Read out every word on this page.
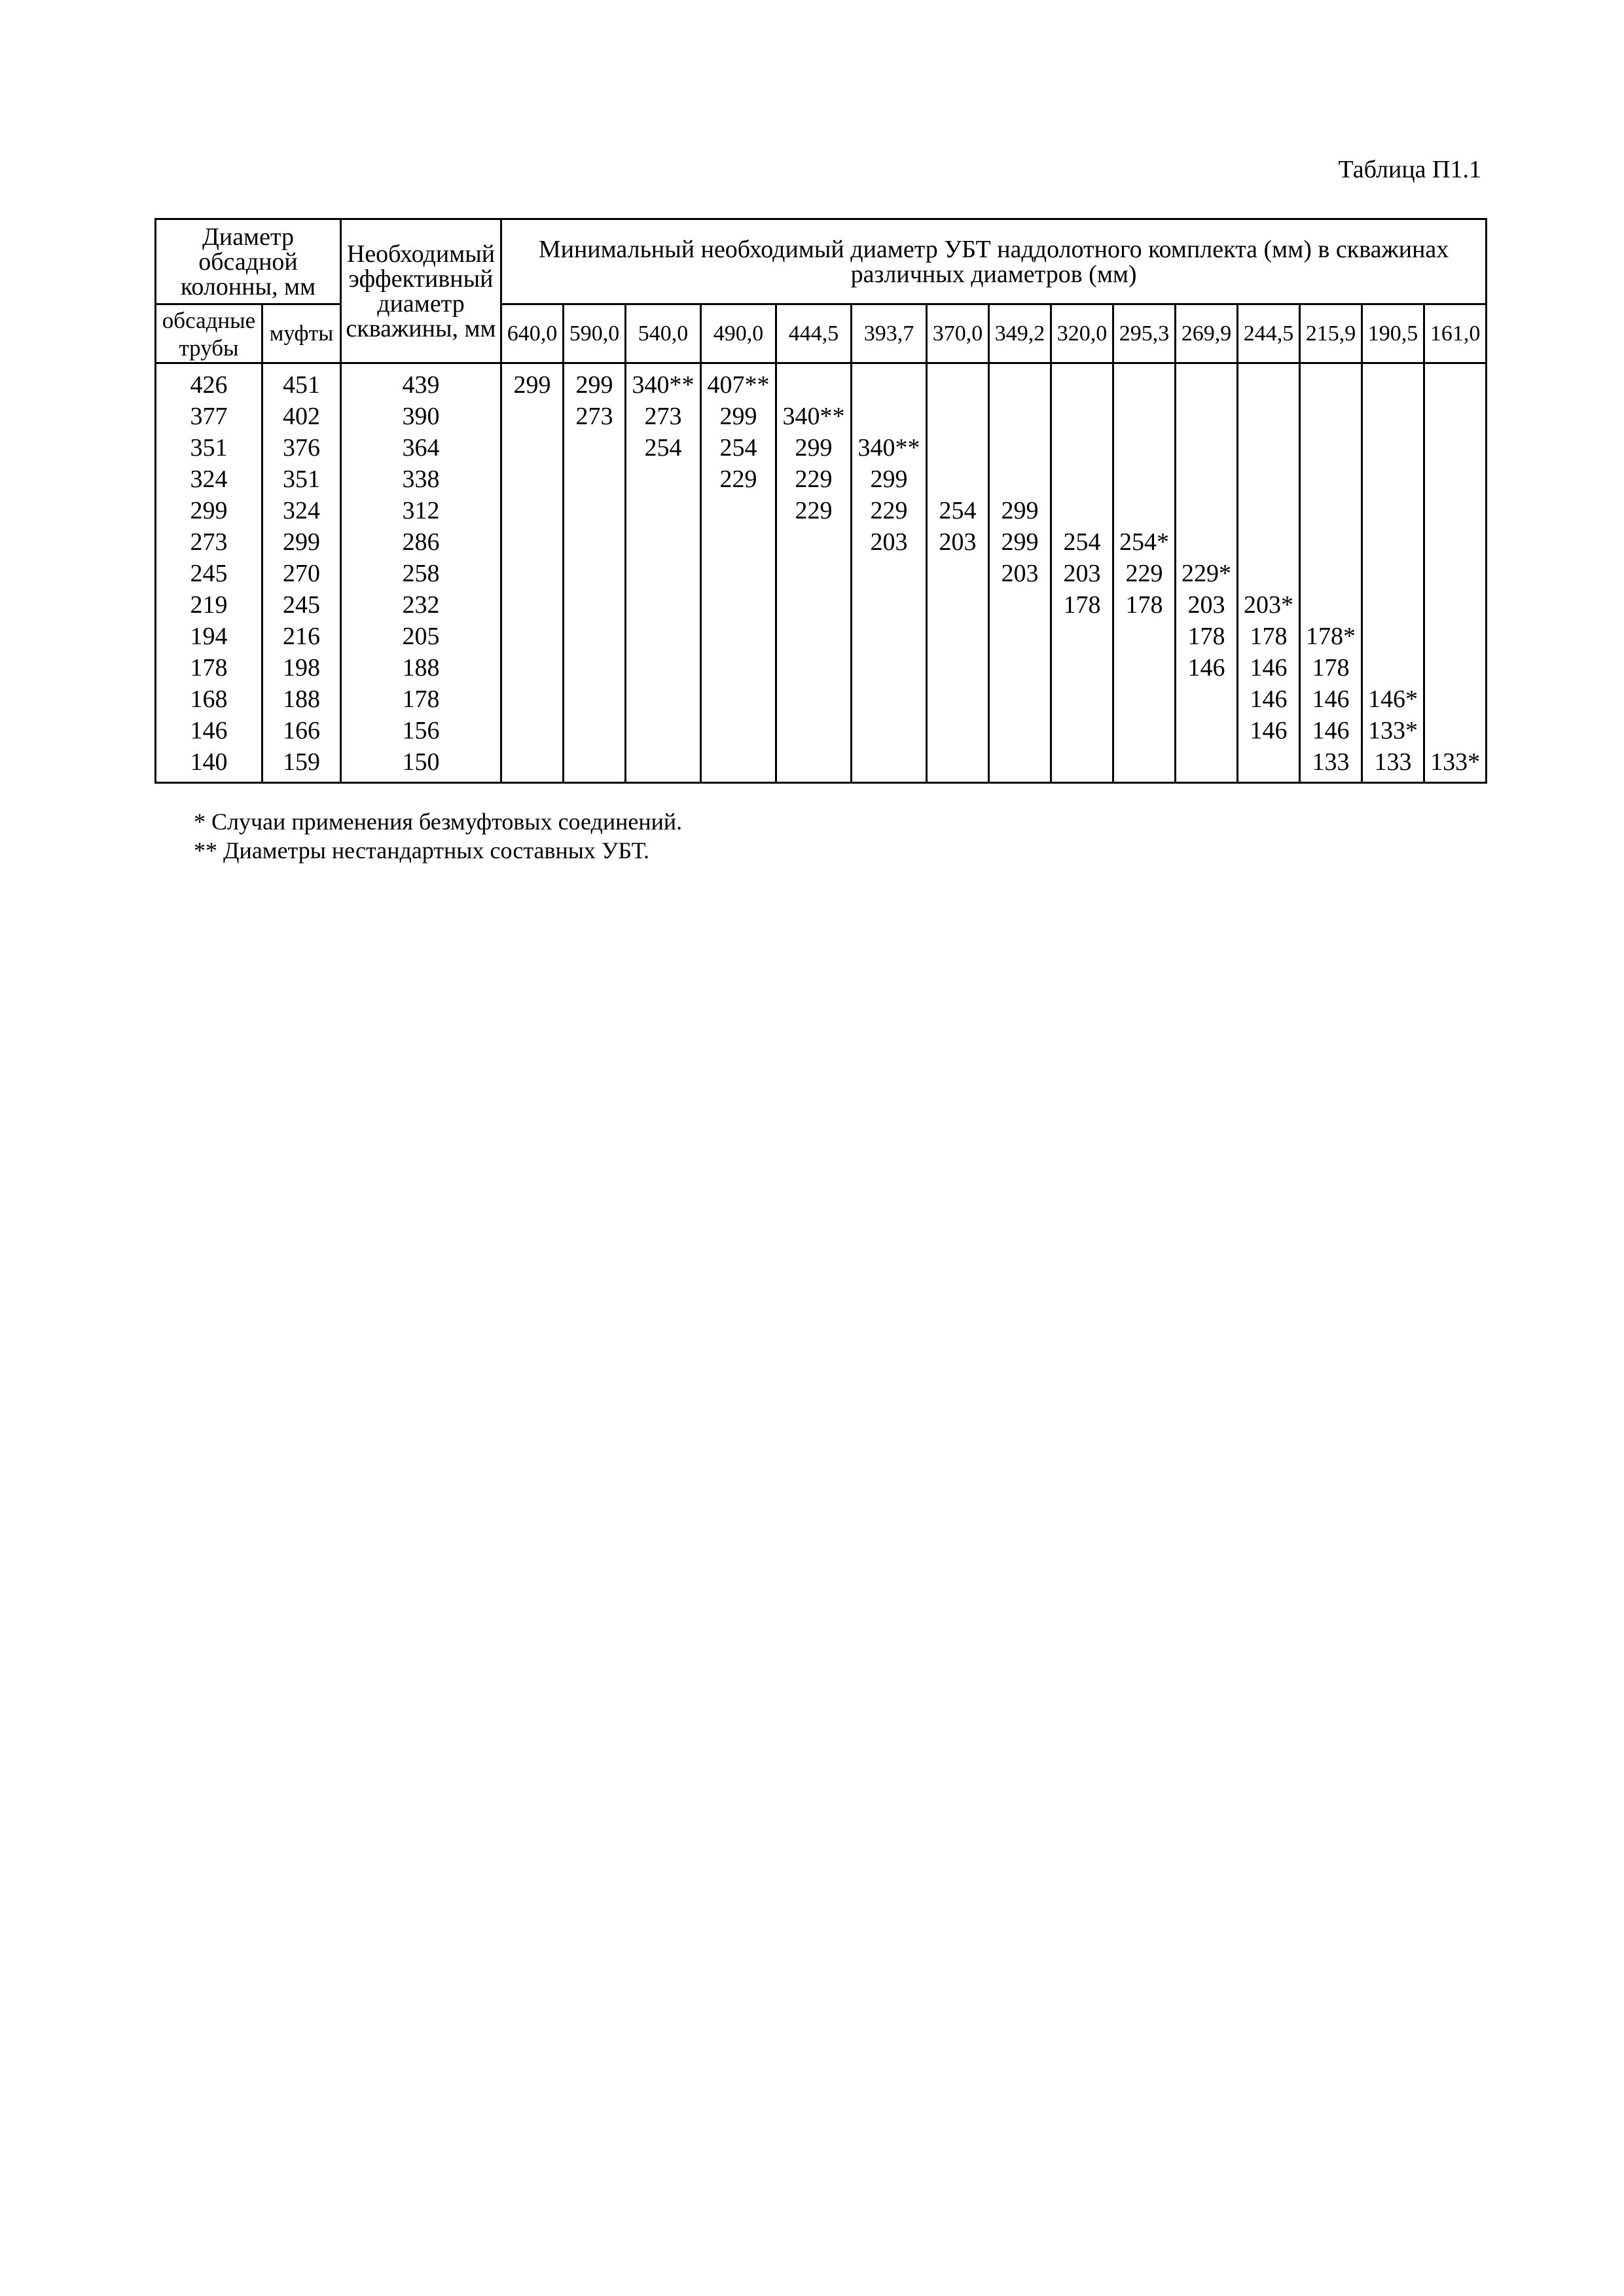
Таблица П1.1
Диаметр обсадной колонны, мм		Необходимый эффективный диаметр скважины, мм	Минимальный необходимый диаметр УБТ наддолотного комплекта (мм) в скважинах различных диаметров (мм)														
обсадные трубы	муфты		640,0	590,0	540,0	490,0	444,5	393,7	370,0	349,2	320,0	295,3	269,9	244,5	215,9	190,5	161,0
426	451	439	299	299	340**	407**											
377	402	390		273	273	299	340**										
351	376	364			254	254	299	340**									
324	351	338				229	229	299									
299	324	312					229	229	254	299							
273	299	286						203	203	299	254	254*					
245	270	258								203	203	229	229*				
219	245	232									178	178	203	203*			
194	216	205											178	178	178*		
178	198	188											146	146	178		
168	188	178												146	146	146*	
146	166	156												146	146	133*	
140	159	150													133	133	133*
* Случаи применения безмуфтовых соединений.
** Диаметры нестандартных составных УБТ.
